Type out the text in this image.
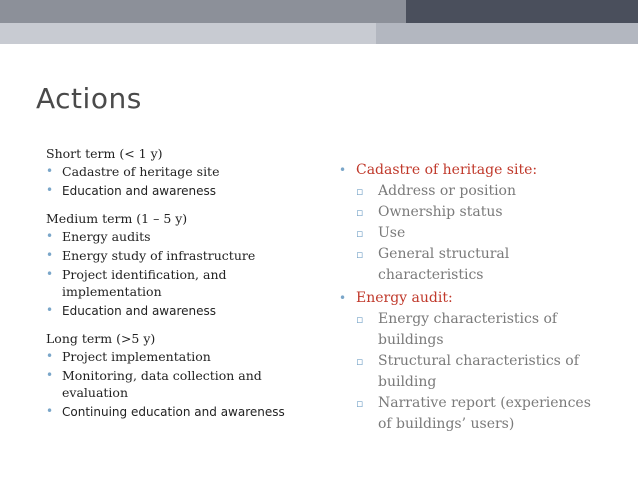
Actions
Short term (< 1 y)
• Cadastre of heritage site
• Education and awareness
Medium term (1 – 5 y)
• Energy audits
• Energy study of infrastructure
• Project identification, and implementation
• Education and awareness
Long term (>5 y)
• Project implementation
• Monitoring, data collection and evaluation
• Continuing education and awareness
• Cadastre of heritage site:
▫ Address or position
▫ Ownership status
▫ Use
▫ General structural characteristics
• Energy audit:
▫ Energy characteristics of buildings
▫ Structural characteristics of building
▫ Narrative report (experiences of buildings’ users)
